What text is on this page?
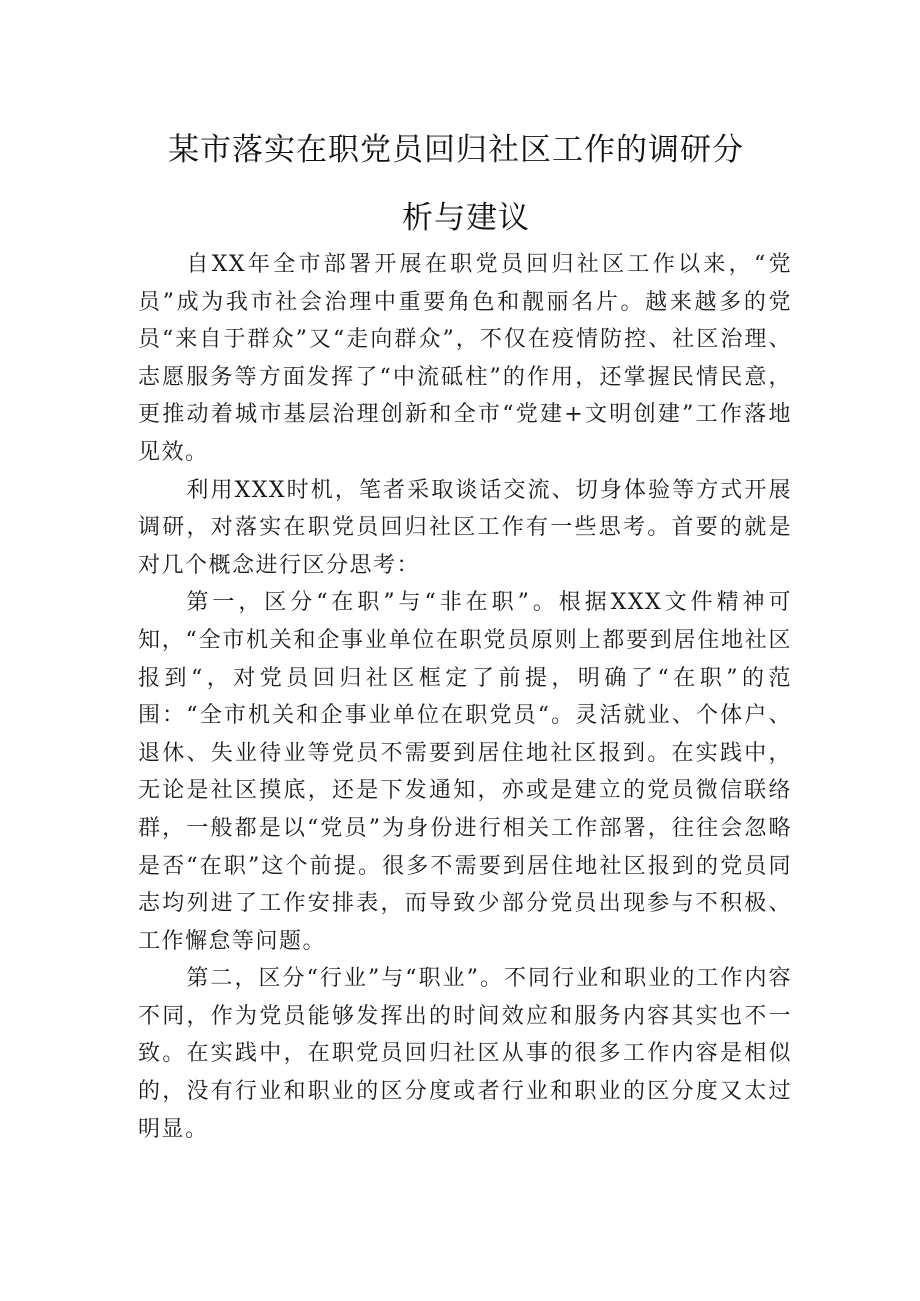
某市落实在职党员回归社区工作的调研分
析与建议

自XX年全市部署开展在职党员回归社区工作以来，“党员”成为我市社会治理中重要角色和靓丽名片。越来越多的党员“来自于群众”又“走向群众”，不仅在疫情防控、社区治理、志愿服务等方面发挥了“中流砥柱”的作用，还掌握民情民意，更推动着城市基层治理创新和全市“党建+文明创建”工作落地见效。

利用XXX时机，笔者采取谈话交流、切身体验等方式开展调研，对落实在职党员回归社区工作有一些思考。首要的就是对几个概念进行区分思考：

第一，区分“在职”与“非在职”。根据XXX文件精神可知，“全市机关和企事业单位在职党员原则上都要到居住地社区报到“，对党员回归社区框定了前提，明确了“在职”的范围：“全市机关和企事业单位在职党员“。灵活就业、个体户、退休、失业待业等党员不需要到居住地社区报到。在实践中，无论是社区摸底，还是下发通知，亦或是建立的党员微信联络群，一般都是以“党员”为身份进行相关工作部署，往往会忽略是否“在职”这个前提。很多不需要到居住地社区报到的党员同志均列进了工作安排表，而导致少部分党员出现参与不积极、工作懈怠等问题。

第二，区分“行业”与“职业”。不同行业和职业的工作内容不同，作为党员能够发挥出的时间效应和服务内容其实也不一致。在实践中，在职党员回归社区从事的很多工作内容是相似的，没有行业和职业的区分度或者行业和职业的区分度又太过明显。
